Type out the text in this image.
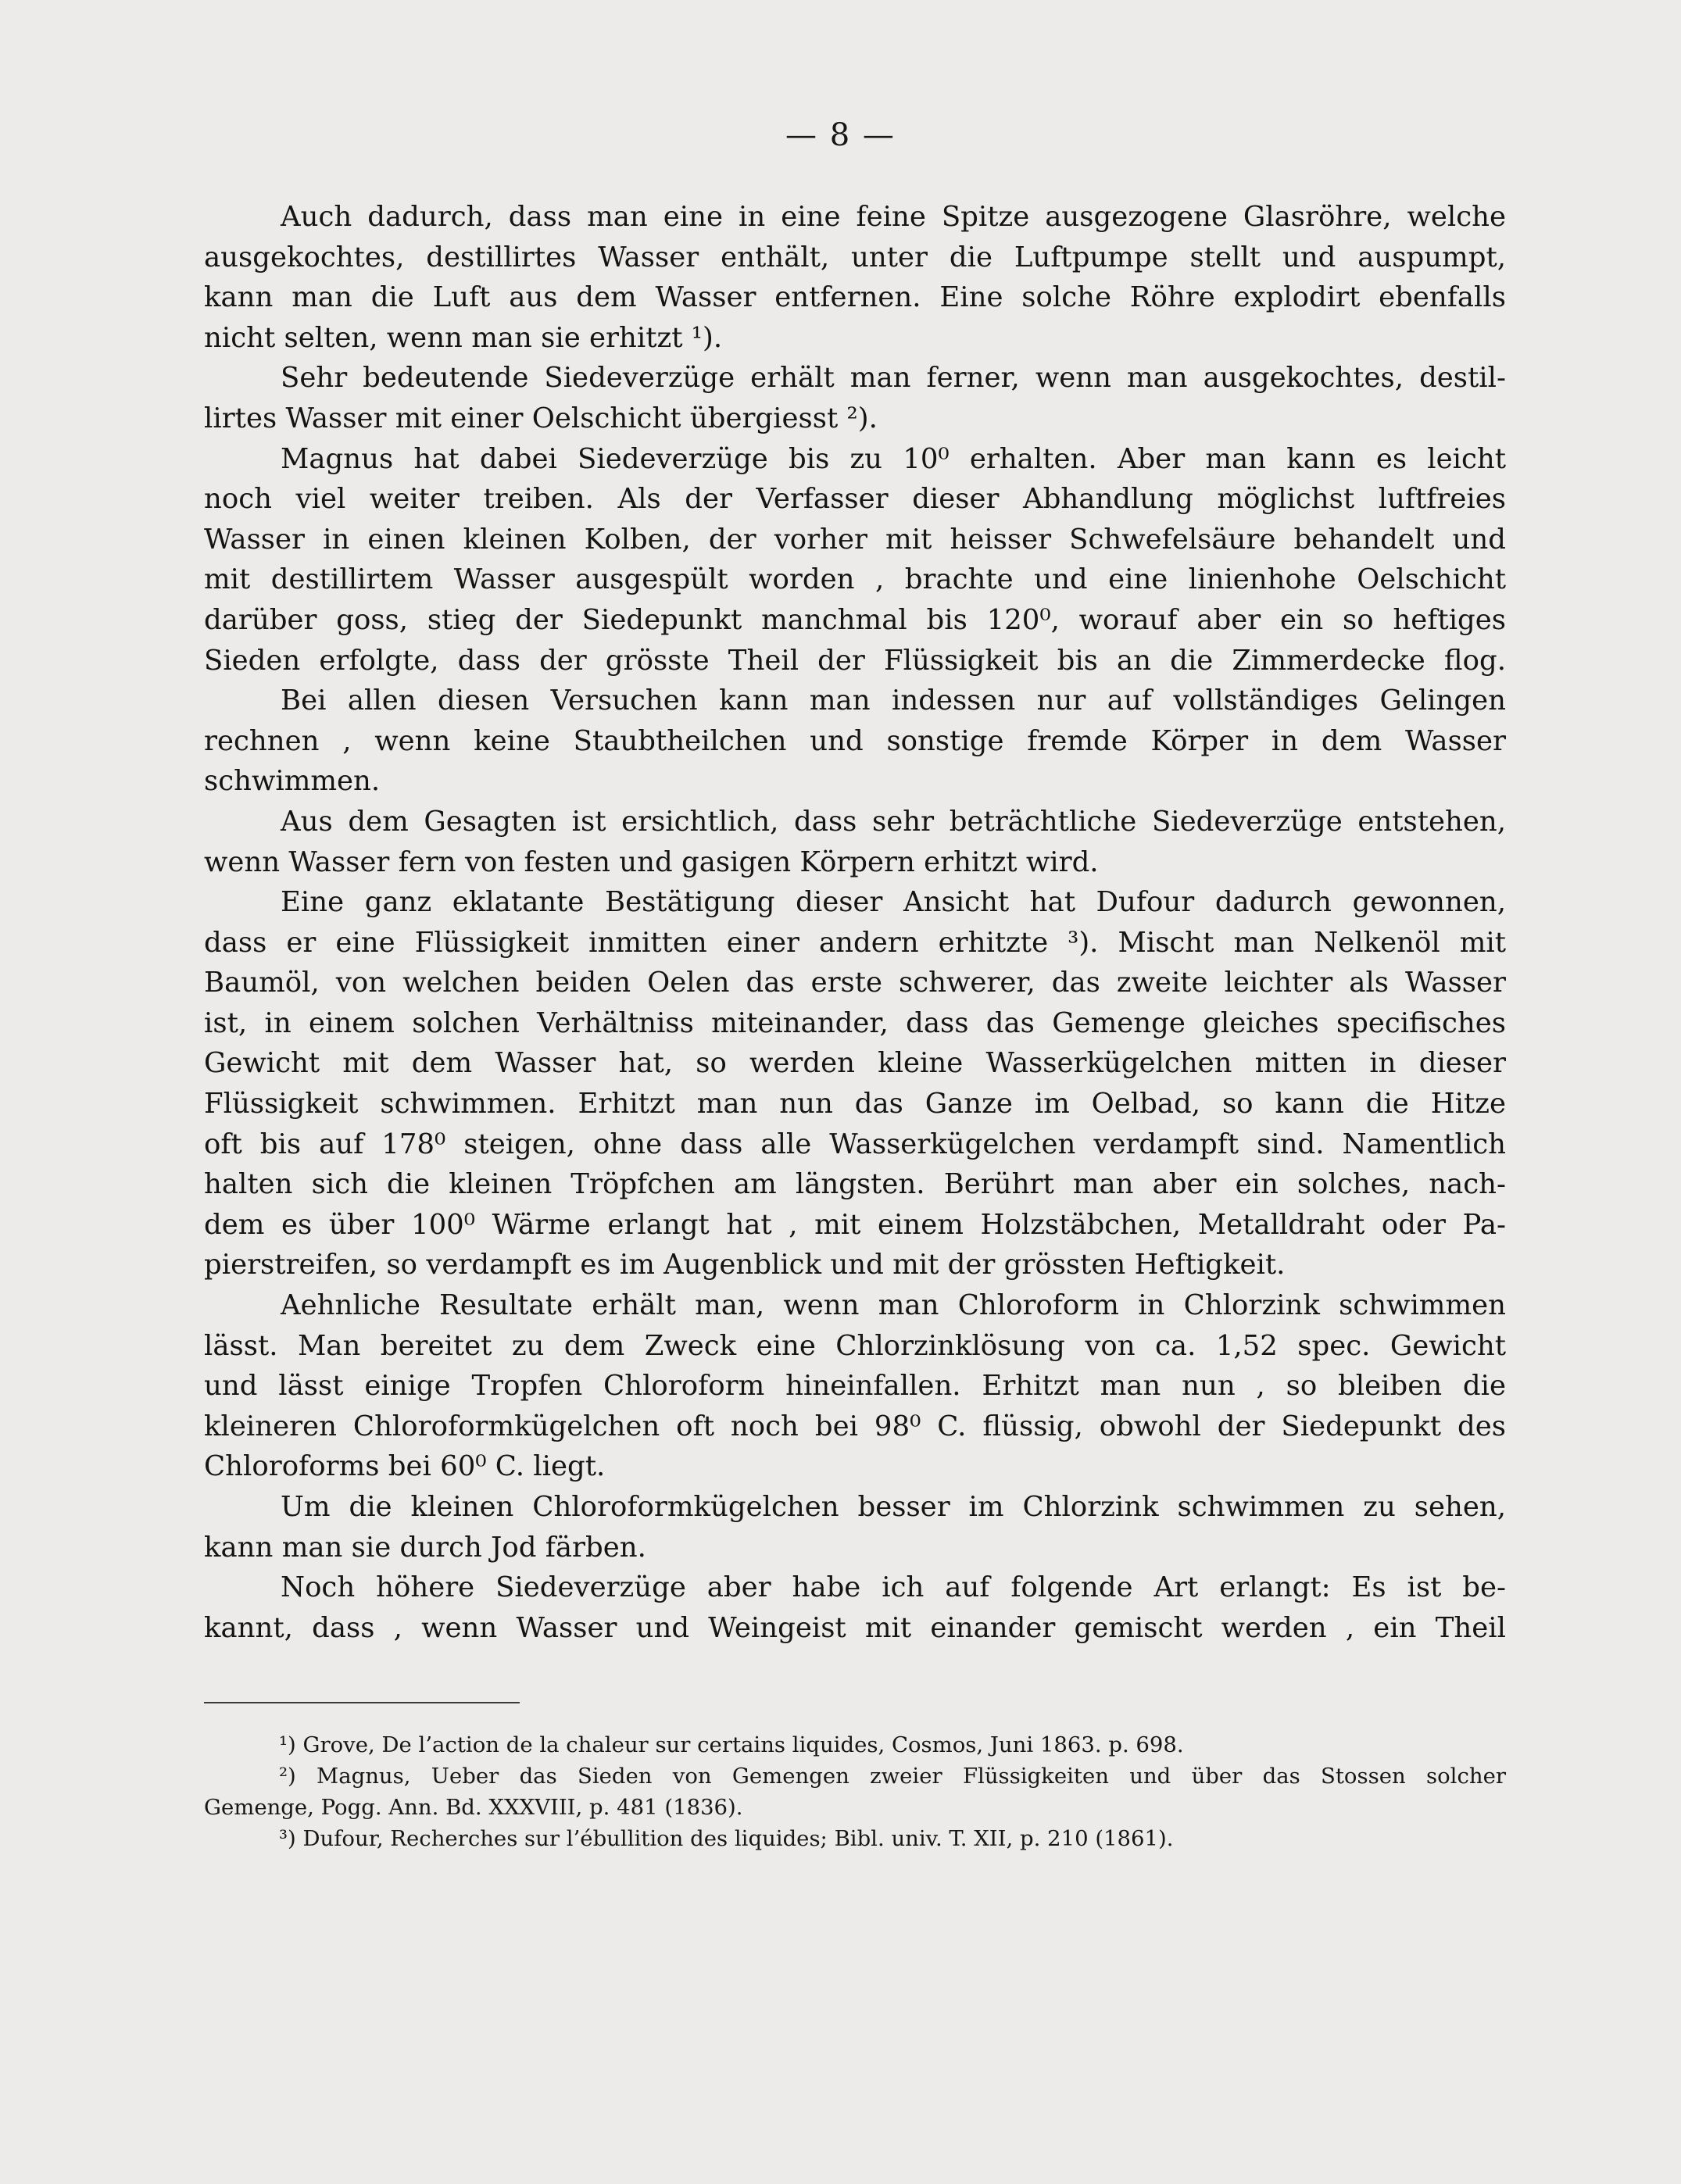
— 8 —

Auch dadurch, dass man eine in eine feine Spitze ausgezogene Glasröhre, welche
ausgekochtes, destillirtes Wasser enthält, unter die Luftpumpe stellt und auspumpt,
kann man die Luft aus dem Wasser entfernen. Eine solche Röhre explodirt ebenfalls
nicht selten, wenn man sie erhitzt ¹).

Sehr bedeutende Siedeverzüge erhält man ferner, wenn man ausgekochtes, destil-
lirtes Wasser mit einer Oelschicht übergiesst ²).

Magnus hat dabei Siedeverzüge bis zu 10⁰ erhalten. Aber man kann es leicht
noch viel weiter treiben. Als der Verfasser dieser Abhandlung möglichst luftfreies
Wasser in einen kleinen Kolben, der vorher mit heisser Schwefelsäure behandelt und
mit destillirtem Wasser ausgespült worden , brachte und eine linienhohe Oelschicht
darüber goss, stieg der Siedepunkt manchmal bis 120⁰, worauf aber ein so heftiges
Sieden erfolgte, dass der grösste Theil der Flüssigkeit bis an die Zimmerdecke flog.

Bei allen diesen Versuchen kann man indessen nur auf vollständiges Gelingen
rechnen , wenn keine Staubtheilchen und sonstige fremde Körper in dem Wasser
schwimmen.

Aus dem Gesagten ist ersichtlich, dass sehr beträchtliche Siedeverzüge entstehen,
wenn Wasser fern von festen und gasigen Körpern erhitzt wird.

Eine ganz eklatante Bestätigung dieser Ansicht hat Dufour dadurch gewonnen,
dass er eine Flüssigkeit inmitten einer andern erhitzte ³). Mischt man Nelkenöl mit
Baumöl, von welchen beiden Oelen das erste schwerer, das zweite leichter als Wasser
ist, in einem solchen Verhältniss miteinander, dass das Gemenge gleiches specifisches
Gewicht mit dem Wasser hat, so werden kleine Wasserkügelchen mitten in dieser
Flüssigkeit schwimmen. Erhitzt man nun das Ganze im Oelbad, so kann die Hitze
oft bis auf 178⁰ steigen, ohne dass alle Wasserkügelchen verdampft sind. Namentlich
halten sich die kleinen Tröpfchen am längsten. Berührt man aber ein solches, nach-
dem es über 100⁰ Wärme erlangt hat , mit einem Holzstäbchen, Metalldraht oder Pa-
pierstreifen, so verdampft es im Augenblick und mit der grössten Heftigkeit.

Aehnliche Resultate erhält man, wenn man Chloroform in Chlorzink schwimmen
lässt. Man bereitet zu dem Zweck eine Chlorzinklösung von ca. 1,52 spec. Gewicht
und lässt einige Tropfen Chloroform hineinfallen. Erhitzt man nun , so bleiben die
kleineren Chloroformkügelchen oft noch bei 98⁰ C. flüssig, obwohl der Siedepunkt des
Chloroforms bei 60⁰ C. liegt.

Um die kleinen Chloroformkügelchen besser im Chlorzink schwimmen zu sehen,
kann man sie durch Jod färben.

Noch höhere Siedeverzüge aber habe ich auf folgende Art erlangt: Es ist be-
kannt, dass , wenn Wasser und Weingeist mit einander gemischt werden , ein Theil

¹) Grove, De l’action de la chaleur sur certains liquides, Cosmos, Juni 1863. p. 698.
²) Magnus, Ueber das Sieden von Gemengen zweier Flüssigkeiten und über das Stossen solcher
Gemenge, Pogg. Ann. Bd. XXXVIII, p. 481 (1836).
³) Dufour, Recherches sur l’ébullition des liquides; Bibl. univ. T. XII, p. 210 (1861).
